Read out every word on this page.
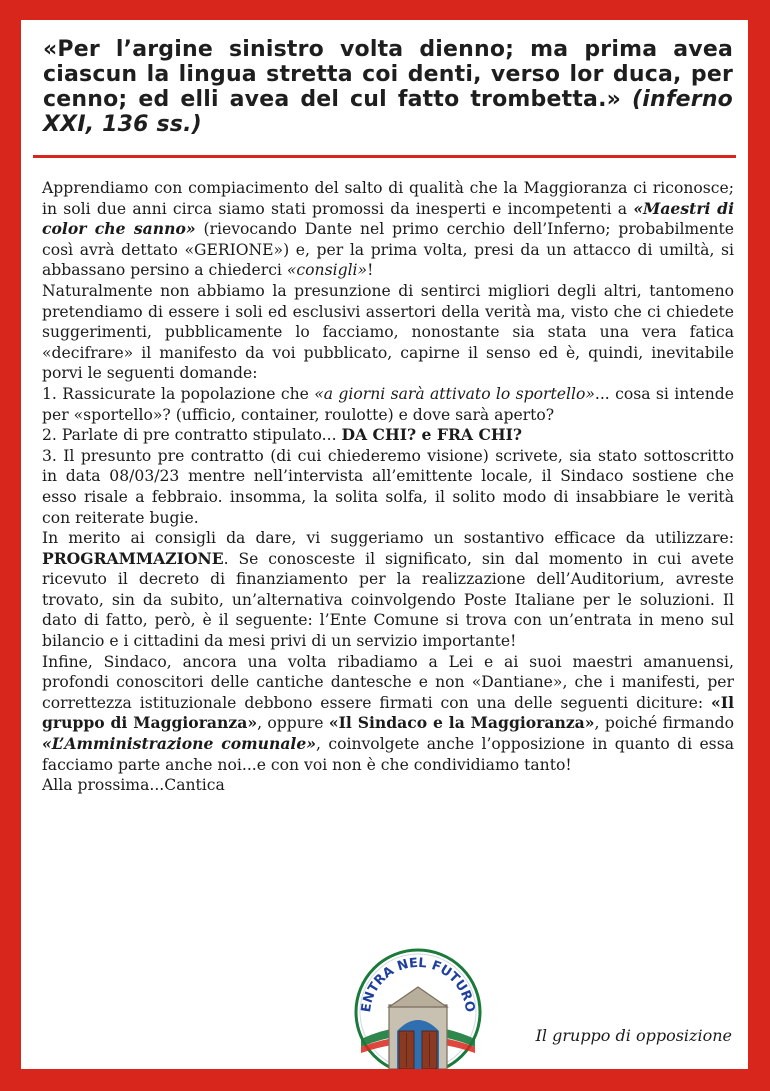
«Per l’argine sinistro volta dienno; ma prima avea ciascun la lingua stretta coi denti, verso lor duca, per cenno; ed elli avea del cul fatto trombetta.» (inferno XXI, 136 ss.)

Apprendiamo con compiacimento del salto di qualità che la Maggioranza ci riconosce; in soli due anni circa siamo stati promossi da inesperti e incompetenti a «Maestri di color che sanno» (rievocando Dante nel primo cerchio dell’Inferno; probabilmente così avrà dettato «GERIONE») e, per la prima volta, presi da un attacco di umiltà, si abbassano persino a chiederci «consigli»!

Naturalmente non abbiamo la presunzione di sentirci migliori degli altri, tantomeno pretendiamo di essere i soli ed esclusivi assertori della verità ma, visto che ci chiedete suggerimenti, pubblicamente lo facciamo, nonostante sia stata una vera fatica «decifrare» il manifesto da voi pubblicato, capirne il senso ed è, quindi, inevitabile porvi le seguenti domande:

1. Rassicurate la popolazione che «a giorni sarà attivato lo sportello»... cosa si intende per «sportello»? (ufficio, container, roulotte) e dove sarà aperto?

2. Parlate di pre contratto stipulato... DA CHI? e FRA CHI?

3. Il presunto pre contratto (di cui chiederemo visione) scrivete, sia stato sottoscritto in data 08/03/23 mentre nell’intervista all’emittente locale, il Sindaco sostiene che esso risale a febbraio. insomma, la solita solfa, il solito modo di insabbiare le verità con reiterate bugie.

In merito ai consigli da dare, vi suggeriamo un sostantivo efficace da utilizzare: PROGRAMMAZIONE. Se conosceste il significato, sin dal momento in cui avete ricevuto il decreto di finanziamento per la realizzazione dell’Auditorium, avreste trovato, sin da subito, un’alternativa coinvolgendo Poste Italiane per le soluzioni. Il dato di fatto, però, è il seguente: l’Ente Comune si trova con un’entrata in meno sul bilancio e i cittadini da mesi privi di un servizio importante!

Infine, Sindaco, ancora una volta ribadiamo a Lei e ai suoi maestri amanuensi, profondi conoscitori delle cantiche dantesche e non «Dantiane», che i manifesti, per correttezza istituzionale debbono essere firmati con una delle seguenti diciture: «Il gruppo di Maggioranza», oppure «Il Sindaco e la Maggioranza», poiché firmando «L’Amministrazione comunale», coinvolgete anche l’opposizione in quanto di essa facciamo parte anche noi...e con voi non è che condividiamo tanto!

Alla prossima...Cantica

ENTRA NEL FUTURO
Il gruppo di opposizione
